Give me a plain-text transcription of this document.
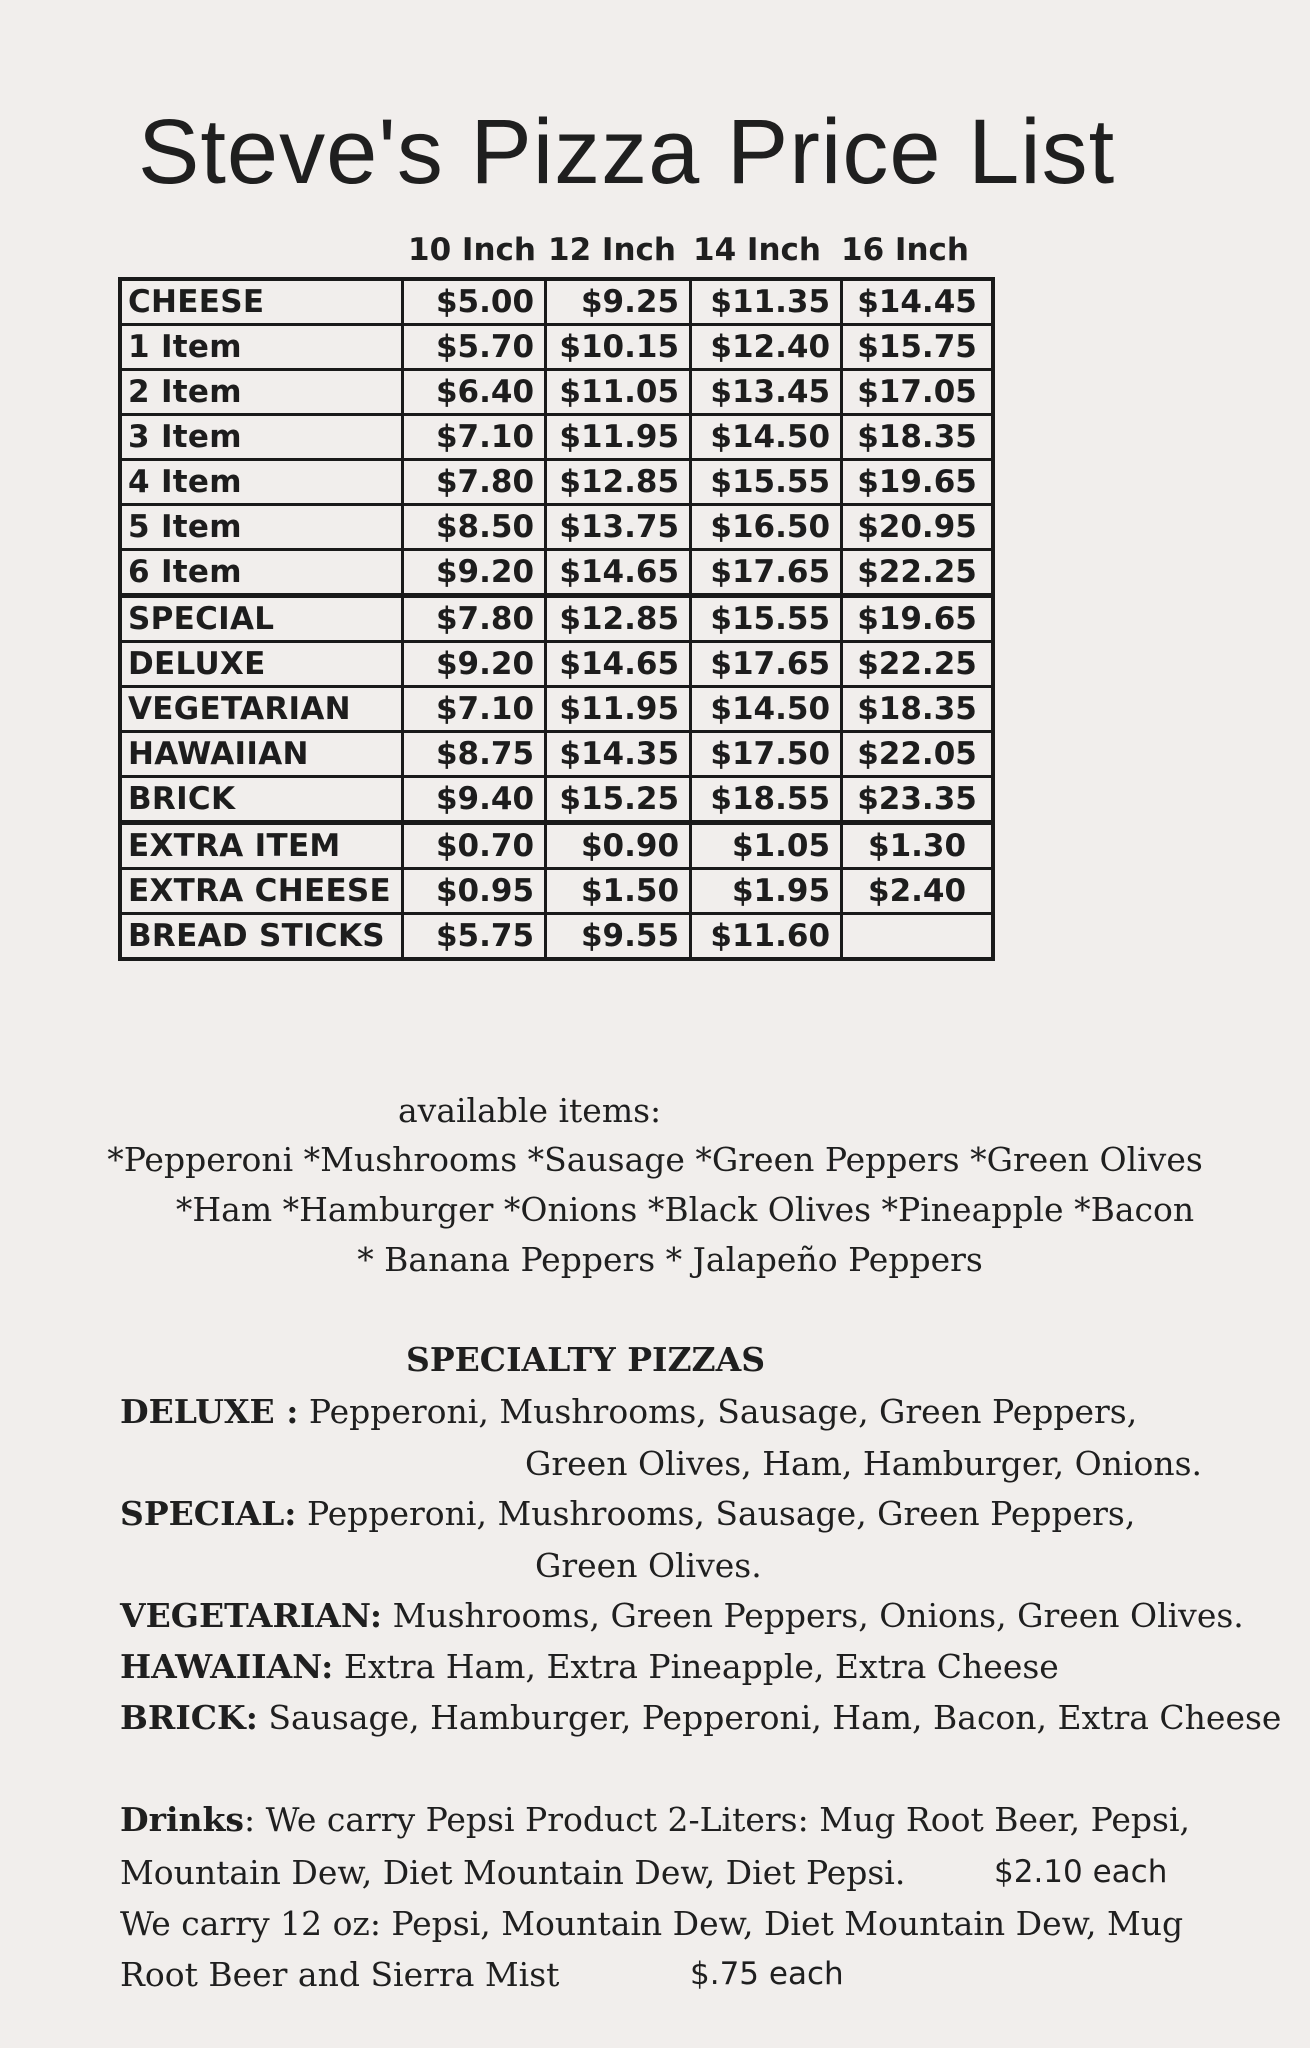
Steve's Pizza Price List
10 Inch 12 Inch 14 Inch 16 Inch
CHEESE	$5.00	$9.25	$11.35	$14.45
1 Item	$5.70	$10.15	$12.40	$15.75
2 Item	$6.40	$11.05	$13.45	$17.05
3 Item	$7.10	$11.95	$14.50	$18.35
4 Item	$7.80	$12.85	$15.55	$19.65
5 Item	$8.50	$13.75	$16.50	$20.95
6 Item	$9.20	$14.65	$17.65	$22.25
SPECIAL	$7.80	$12.85	$15.55	$19.65
DELUXE	$9.20	$14.65	$17.65	$22.25
VEGETARIAN	$7.10	$11.95	$14.50	$18.35
HAWAIIAN	$8.75	$14.35	$17.50	$22.05
BRICK	$9.40	$15.25	$18.55	$23.35
EXTRA ITEM	$0.70	$0.90	$1.05	$1.30
EXTRA CHEESE	$0.95	$1.50	$1.95	$2.40
BREAD STICKS	$5.75	$9.55	$11.60	
available items:
*Pepperoni *Mushrooms *Sausage *Green Peppers *Green Olives
*Ham *Hamburger *Onions *Black Olives *Pineapple *Bacon
* Banana Peppers * Jalapeño Peppers
SPECIALTY PIZZAS
DELUXE : Pepperoni, Mushrooms, Sausage, Green Peppers,
Green Olives, Ham, Hamburger, Onions.
SPECIAL: Pepperoni, Mushrooms, Sausage, Green Peppers,
Green Olives.
VEGETARIAN: Mushrooms, Green Peppers, Onions, Green Olives.
HAWAIIAN: Extra Ham, Extra Pineapple, Extra Cheese
BRICK: Sausage, Hamburger, Pepperoni, Ham, Bacon, Extra Cheese
Drinks: We carry Pepsi Product 2-Liters: Mug Root Beer, Pepsi,
Mountain Dew, Diet Mountain Dew, Diet Pepsi.	$2.10 each
We carry 12 oz: Pepsi, Mountain Dew, Diet Mountain Dew, Mug
Root Beer and Sierra Mist	$.75 each
